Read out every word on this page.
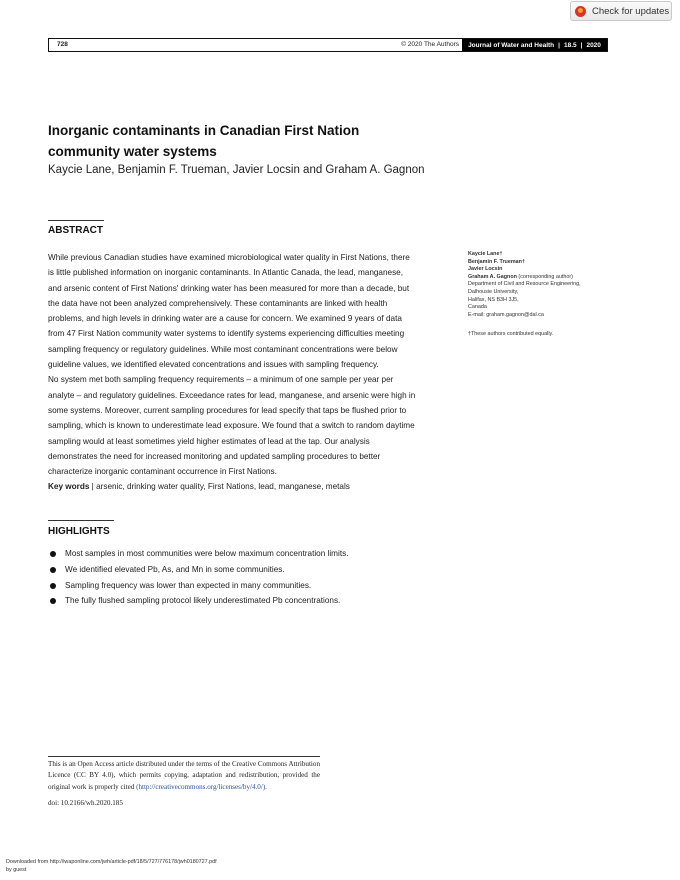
Check for updates
728	© 2020 The Authors Journal of Water and Health | 18.5 | 2020
Inorganic contaminants in Canadian First Nation
community water systems
Kaycie Lane, Benjamin F. Trueman, Javier Locsin and Graham A. Gagnon
ABSTRACT

While previous Canadian studies have examined microbiological water quality in First Nations, there

is little published information on inorganic contaminants. In Atlantic Canada, the lead, manganese,

and arsenic content of First Nations' drinking water has been measured for more than a decade, but

the data have not been analyzed comprehensively. These contaminants are linked with health

problems, and high levels in drinking water are a cause for concern. We examined 9 years of data

from 47 First Nation community water systems to identify systems experiencing difficulties meeting

sampling frequency or regulatory guidelines. While most contaminant concentrations were below

guideline values, we identified elevated concentrations and issues with sampling frequency.

No system met both sampling frequency requirements – a minimum of one sample per year per

analyte – and regulatory guidelines. Exceedance rates for lead, manganese, and arsenic were high in

some systems. Moreover, current sampling procedures for lead specify that taps be flushed prior to

sampling, which is known to underestimate lead exposure. We found that a switch to random daytime

sampling would at least sometimes yield higher estimates of lead at the tap. Our analysis

demonstrates the need for increased monitoring and updated sampling procedures to better

characterize inorganic contaminant occurrence in First Nations.

Key words | arsenic, drinking water quality, First Nations, lead, manganese, metals

Kaycie Lane†

Benjamin F. Trueman†

Javier Locsin

Graham A. Gagnon (corresponding author)

Department of Civil and Resource Engineering,

Dalhousie University,

Halifax, NS B3H 3J5,

Canada

E-mail: graham.gagnon@dal.ca

†These authors contributed equally.

HIGHLIGHTS
Most samples in most communities were below maximum concentration limits.
We identified elevated Pb, As, and Mn in some communities.
Sampling frequency was lower than expected in many communities.
The fully flushed sampling protocol likely underestimated Pb concentrations.

This is an Open Access article distributed under the terms of the Creative Commons Attribution Licence (CC BY 4.0), which permits copying, adaptation and redistribution, provided the original work is properly cited (http://creativecommons.org/licenses/by/4.0/).

doi: 10.2166/wh.2020.185

Downloaded from http://iwaponline.com/jwh/article-pdf/18/5/727/776178/jwh0180727.pdf
by guest
